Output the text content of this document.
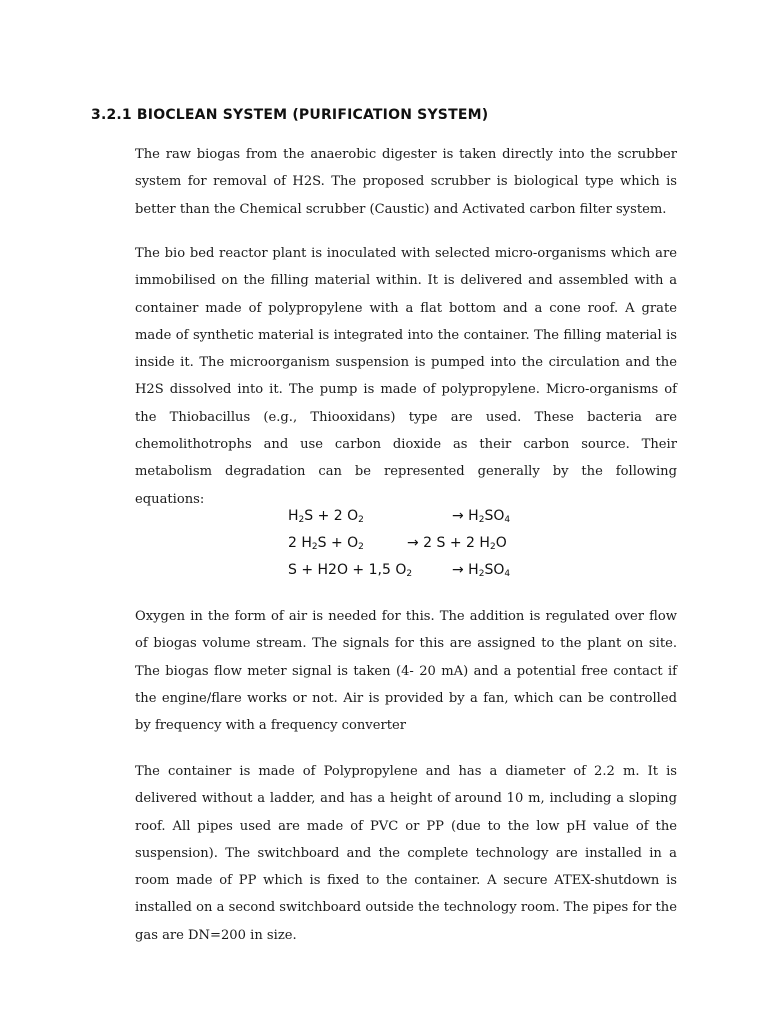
3.2.1 BIOCLEAN SYSTEM (PURIFICATION SYSTEM)

The raw biogas from the anaerobic digester is taken directly into the scrubber system for removal of H2S. The proposed scrubber is biological type which is better than the Chemical scrubber (Caustic) and Activated carbon filter system.

The bio bed reactor plant is inoculated with selected micro-organisms which are immobilised on the filling material within. It is delivered and assembled with a container made of polypropylene with a flat bottom and a cone roof. A grate made of synthetic material is integrated into the container. The filling material is inside it. The microorganism suspension is pumped into the circulation and the H2S dissolved into it. The pump is made of polypropylene. Micro-organisms of the Thiobacillus (e.g., Thiooxidans) type are used. These bacteria are chemolithotrophs and use carbon dioxide as their carbon source. Their metabolism degradation can be represented generally by the following equations:

$H_2S + 2$ $O_2$	→ $H_2SO_4$
2 $H_2S + O_2$	→ 2 S + 2 $H_2O$
S + H2O + 1,5 $O_2$	→ $H_2SO_4$

Oxygen in the form of air is needed for this. The addition is regulated over flow of biogas volume stream. The signals for this are assigned to the plant on site. The biogas flow meter signal is taken (4- 20 mA) and a potential free contact if the engine/flare works or not. Air is provided by a fan, which can be controlled by frequency with a frequency converter

The container is made of Polypropylene and has a diameter of 2.2 m. It is delivered without a ladder, and has a height of around 10 m, including a sloping roof. All pipes used are made of PVC or PP (due to the low pH value of the suspension). The switchboard and the complete technology are installed in a room made of PP which is fixed to the container. A secure ATEX-shutdown is installed on a second switchboard outside the technology room. The pipes for the gas are DN=200 in size.
